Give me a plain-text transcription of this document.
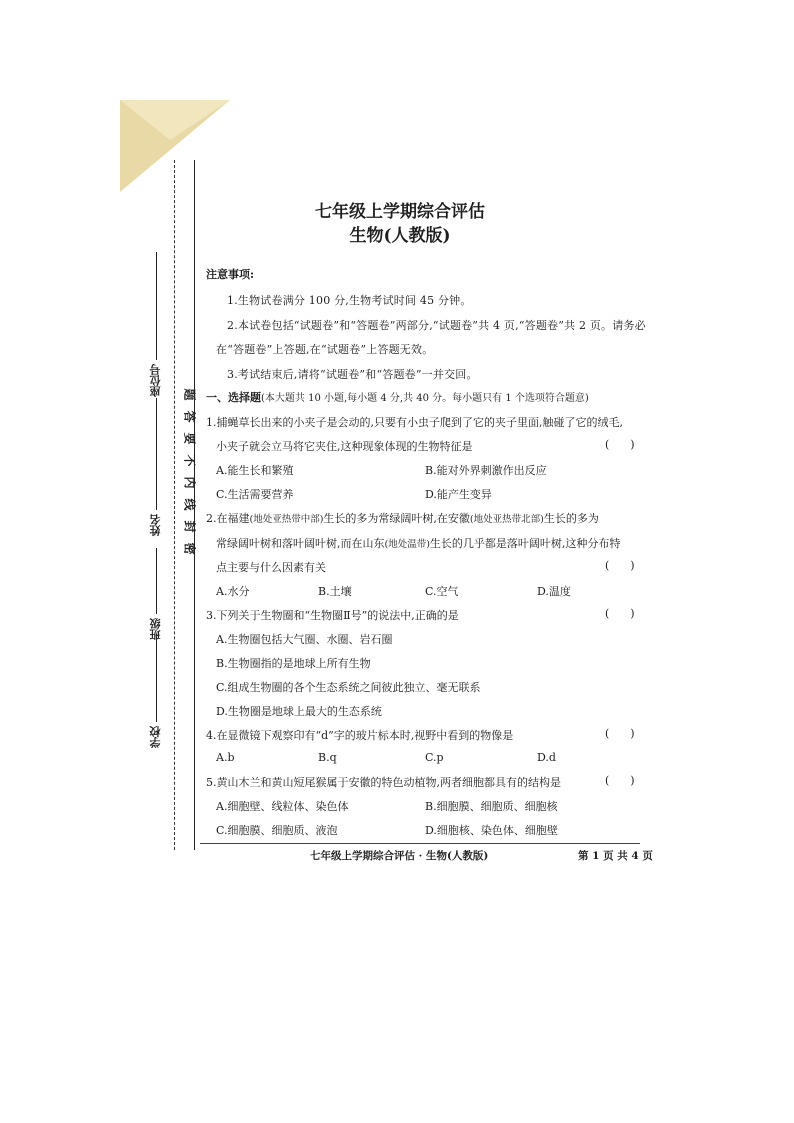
座位号
姓名
班级
学校
题
答
要
不
内
线
封
密
七年级上学期综合评估
生物(人教版)
注意事项:
1.生物试卷满分 100 分,生物考试时间 45 分钟。
2.本试卷包括“试题卷”和“答题卷”两部分,“试题卷”共 4 页,“答题卷”共 2 页。请务必
在“答题卷”上答题,在“试题卷”上答题无效。
3.考试结束后,请将“试题卷”和“答题卷”一并交回。
一、选择题(本大题共 10 小题,每小题 4 分,共 40 分。每小题只有 1 个选项符合题意)
1.捕蝇草长出来的小夹子是会动的,只要有小虫子爬到了它的夹子里面,触碰了它的绒毛,
小夹子就会立马将它夹住,这种现象体现的生物特征是	(      )
A.能生长和繁殖	B.能对外界刺激作出反应
C.生活需要营养	D.能产生变异
2.在福建(地处亚热带中部)生长的多为常绿阔叶树,在安徽(地处亚热带北部)生长的多为
常绿阔叶树和落叶阔叶树,而在山东(地处温带)生长的几乎都是落叶阔叶树,这种分布特
点主要与什么因素有关	(      )
A.水分	B.土壤	C.空气	D.温度
3.下列关于生物圈和“生物圈Ⅱ号”的说法中,正确的是	(      )
A.生物圈包括大气圈、水圈、岩石圈
B.生物圈指的是地球上所有生物
C.组成生物圈的各个生态系统之间彼此独立、毫无联系
D.生物圈是地球上最大的生态系统
4.在显微镜下观察印有“d”字的玻片标本时,视野中看到的物像是	(      )
A.b	B.q	C.p	D.d
5.黄山木兰和黄山短尾猴属于安徽的特色动植物,两者细胞都具有的结构是	(      )
A.细胞壁、线粒体、染色体	B.细胞膜、细胞质、细胞核
C.细胞膜、细胞质、液泡	D.细胞核、染色体、细胞壁
七年级上学期综合评估 · 生物(人教版)	第 1 页 共 4 页
